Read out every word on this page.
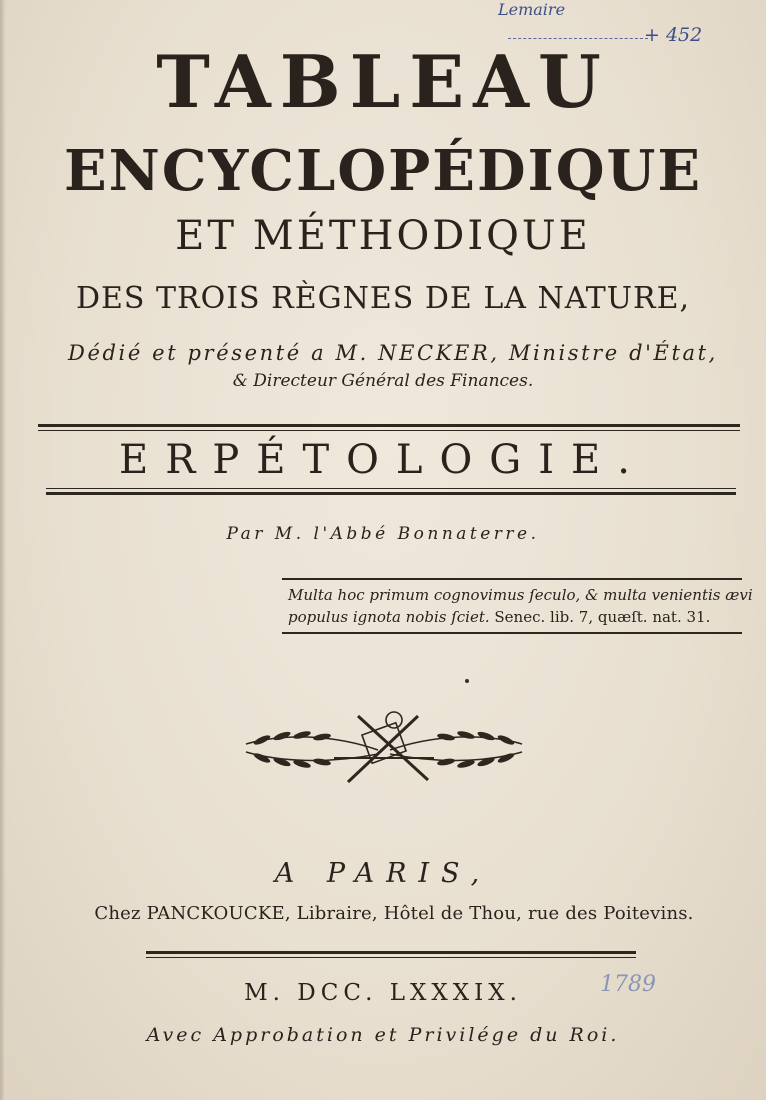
Lemaire
+ 452
TABLEAU
ENCYCLOPÉDIQUE
ET MÉTHODIQUE
DES TROIS RÈGNES DE LA NATURE,
Dédié et présenté a M. NECKER, Ministre d'État,
& Directeur Général des Finances.
ERPÉTOLOGIE.
Par M. l'Abbé Bonnaterre.
Multa hoc primum cognovimus ſeculo, & multa venientis ævi
populus ignota nobis ſciet. Senec. lib. 7, quæſt. nat. 31.
A PARIS,
Chez PANCKOUCKE, Libraire, Hôtel de Thou, rue des Poitevins.
M. DCC. LXXXIX.	1789
Avec Approbation et Privilége du Roi.
